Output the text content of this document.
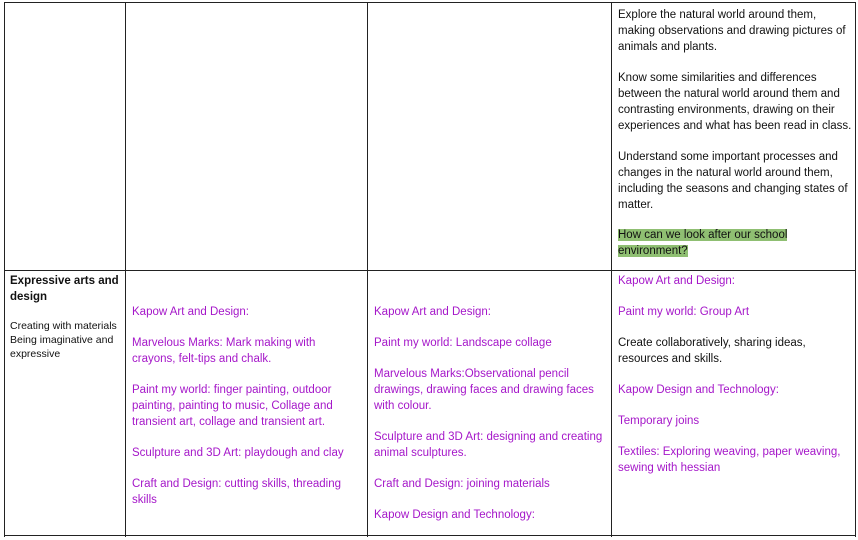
Explore the natural world around them, making observations and drawing pictures of animals and plants.

Know some similarities and differences between the natural world around them and contrasting environments, drawing on their experiences and what has been read in class.

Understand some important processes and changes in the natural world around them, including the seasons and changing states of matter.

How can we look after our school environment?

Expressive arts and design

Creating with materials

Being imaginative and expressive

Kapow Art and Design:

Marvelous Marks: Mark making with crayons, felt-tips and chalk.

Paint my world: finger painting, outdoor painting, painting to music, Collage and transient art, collage and transient art.

Sculpture and 3D Art: playdough and clay

Craft and Design: cutting skills, threading skills

Kapow Art and Design:

Paint my world: Landscape collage

Marvelous Marks:Observational pencil drawings, drawing faces and drawing faces with colour.

Sculpture and 3D Art: designing and creating animal sculptures.

Craft and Design: joining materials

Kapow Design and Technology:

Kapow Art and Design:

Paint my world: Group Art

Create collaboratively, sharing ideas, resources and skills.

Kapow Design and Technology:

Temporary joins

Textiles: Exploring weaving, paper weaving, sewing with hessian
